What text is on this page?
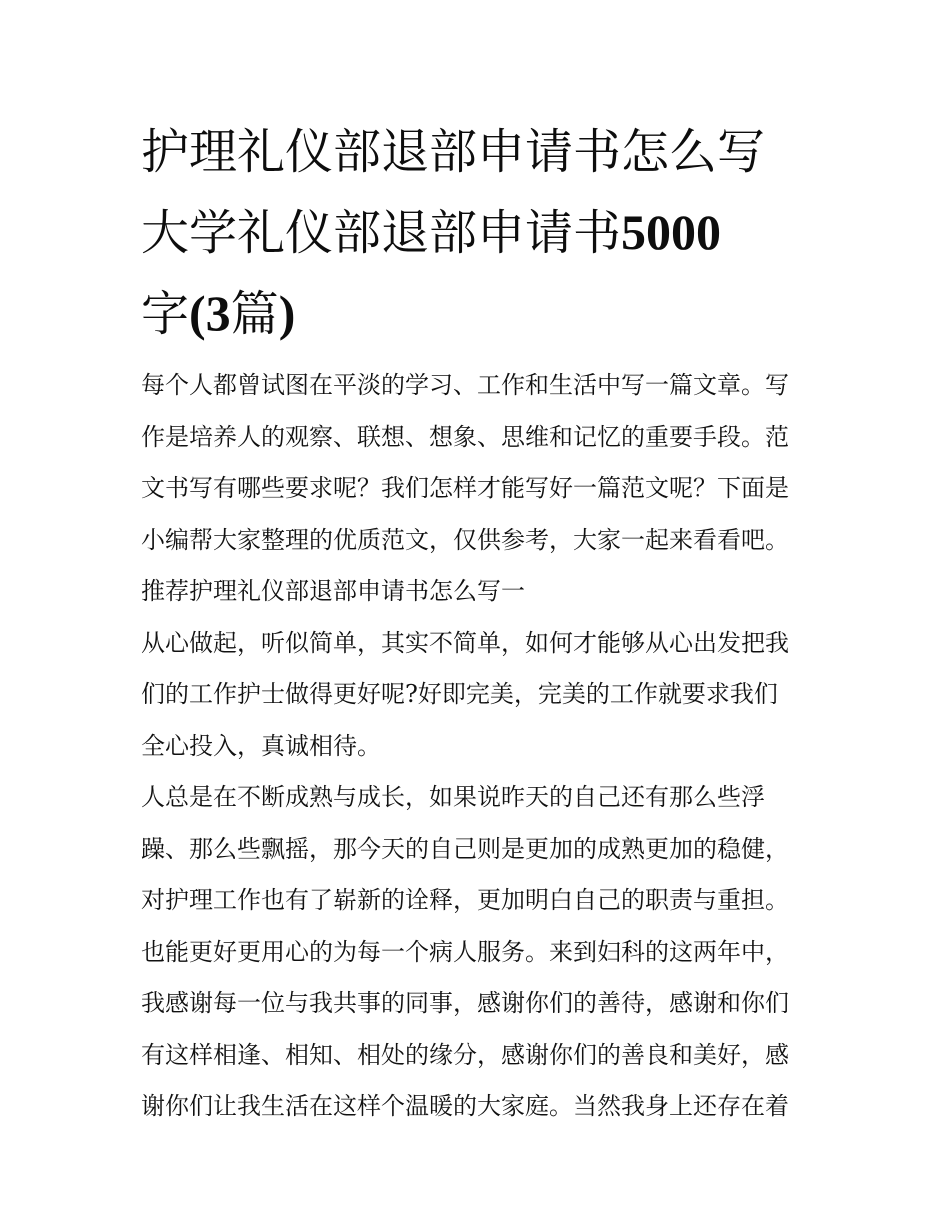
护理礼仪部退部申请书怎么写
大学礼仪部退部申请书5000
字(3篇)

每个人都曾试图在平淡的学习、工作和生活中写一篇文章。写
作是培养人的观察、联想、想象、思维和记忆的重要手段。范
文书写有哪些要求呢？我们怎样才能写好一篇范文呢？下面是
小编帮大家整理的优质范文，仅供参考，大家一起来看看吧。

推荐护理礼仪部退部申请书怎么写一

从心做起，听似简单，其实不简单，如何才能够从心出发把我
们的工作护士做得更好呢?好即完美，完美的工作就要求我们
全心投入，真诚相待。

人总是在不断成熟与成长，如果说昨天的自己还有那么些浮
躁、那么些飘摇，那今天的自己则是更加的成熟更加的稳健，
对护理工作也有了崭新的诠释，更加明白自己的职责与重担。
也能更好更用心的为每一个病人服务。来到妇科的这两年中，
我感谢每一位与我共事的同事，感谢你们的善待，感谢和你们
有这样相逢、相知、相处的缘分，感谢你们的善良和美好，感
谢你们让我生活在这样个温暖的大家庭。当然我身上还存在着
